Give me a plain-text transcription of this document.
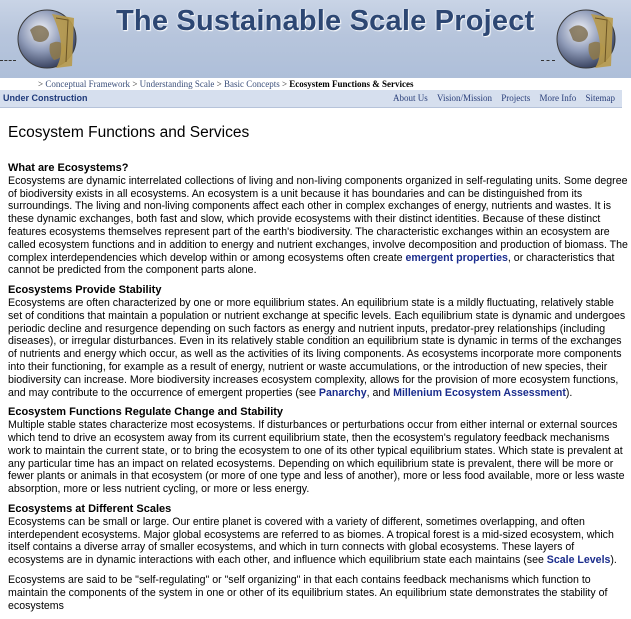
The Sustainable Scale Project
> Conceptual Framework > Understanding Scale > Basic Concepts > Ecosystem Functions & Services
Under Construction	About Us Vision/Mission Projects More Info Sitemap
Ecosystem Functions and Services

What are Ecosystems?

Ecosystems are dynamic interrelated collections of living and non-living components organized in self-regulating units. Some degree of biodiversity exists in all ecosystems. An ecosystem is a unit because it has boundaries and can be distinguished from its surroundings. The living and non-living components affect each other in complex exchanges of energy, nutrients and wastes. It is these dynamic exchanges, both fast and slow, which provide ecosystems with their distinct identities. Because of these distinct features ecosystems themselves represent part of the earth's biodiversity. The characteristic exchanges within an ecosystem are called ecosystem functions and in addition to energy and nutrient exchanges, involve decomposition and production of biomass. The complex interdependencies which develop within or among ecosystems often create emergent properties, or characteristics that cannot be predicted from the component parts alone.

Ecosystems Provide Stability

Ecosystems are often characterized by one or more equilibrium states. An equilibrium state is a mildly fluctuating, relatively stable set of conditions that maintain a population or nutrient exchange at specific levels. Each equilibrium state is dynamic and undergoes periodic decline and resurgence depending on such factors as energy and nutrient inputs, predator-prey relationships (including diseases), or irregular disturbances. Even in its relatively stable condition an equilibrium state is dynamic in terms of the exchanges of nutrients and energy which occur, as well as the activities of its living components. As ecosystems incorporate more components into their functioning, for example as a result of energy, nutrient or waste accumulations, or the introduction of new species, their biodiversity can increase. More biodiversity increases ecosystem complexity, allows for the provision of more ecosystem functions, and may contribute to the occurrence of emergent properties (see Panarchy, and Millenium Ecosystem Assessment).

Ecosystem Functions Regulate Change and Stability

Multiple stable states characterize most ecosystems. If disturbances or perturbations occur from either internal or external sources which tend to drive an ecosystem away from its current equilibrium state, then the ecosystem's regulatory feedback mechanisms work to maintain the current state, or to bring the ecosystem to one of its other typical equilibrium states. Which state is prevalent at any particular time has an impact on related ecosystems. Depending on which equilibrium state is prevalent, there will be more or fewer plants or animals in that ecosystem (or more of one type and less of another), more or less food available, more or less waste absorption, more or less nutrient cycling, or more or less energy.

Ecosystems at Different Scales

Ecosystems can be small or large. Our entire planet is covered with a variety of different, sometimes overlapping, and often interdependent ecosystems. Major global ecosystems are referred to as biomes. A tropical forest is a mid-sized ecosystem, which itself contains a diverse array of smaller ecosystems, and which in turn connects with global ecosystems. These layers of ecosystems are in dynamic interactions with each other, and influence which equilibrium state each maintains (see Scale Levels).

Ecosystems are said to be "self-regulating" or "self organizing" in that each contains feedback mechanisms which function to maintain the components of the system in one or other of its equilibrium states. An equilibrium state demonstrates the stability of ecosystems
